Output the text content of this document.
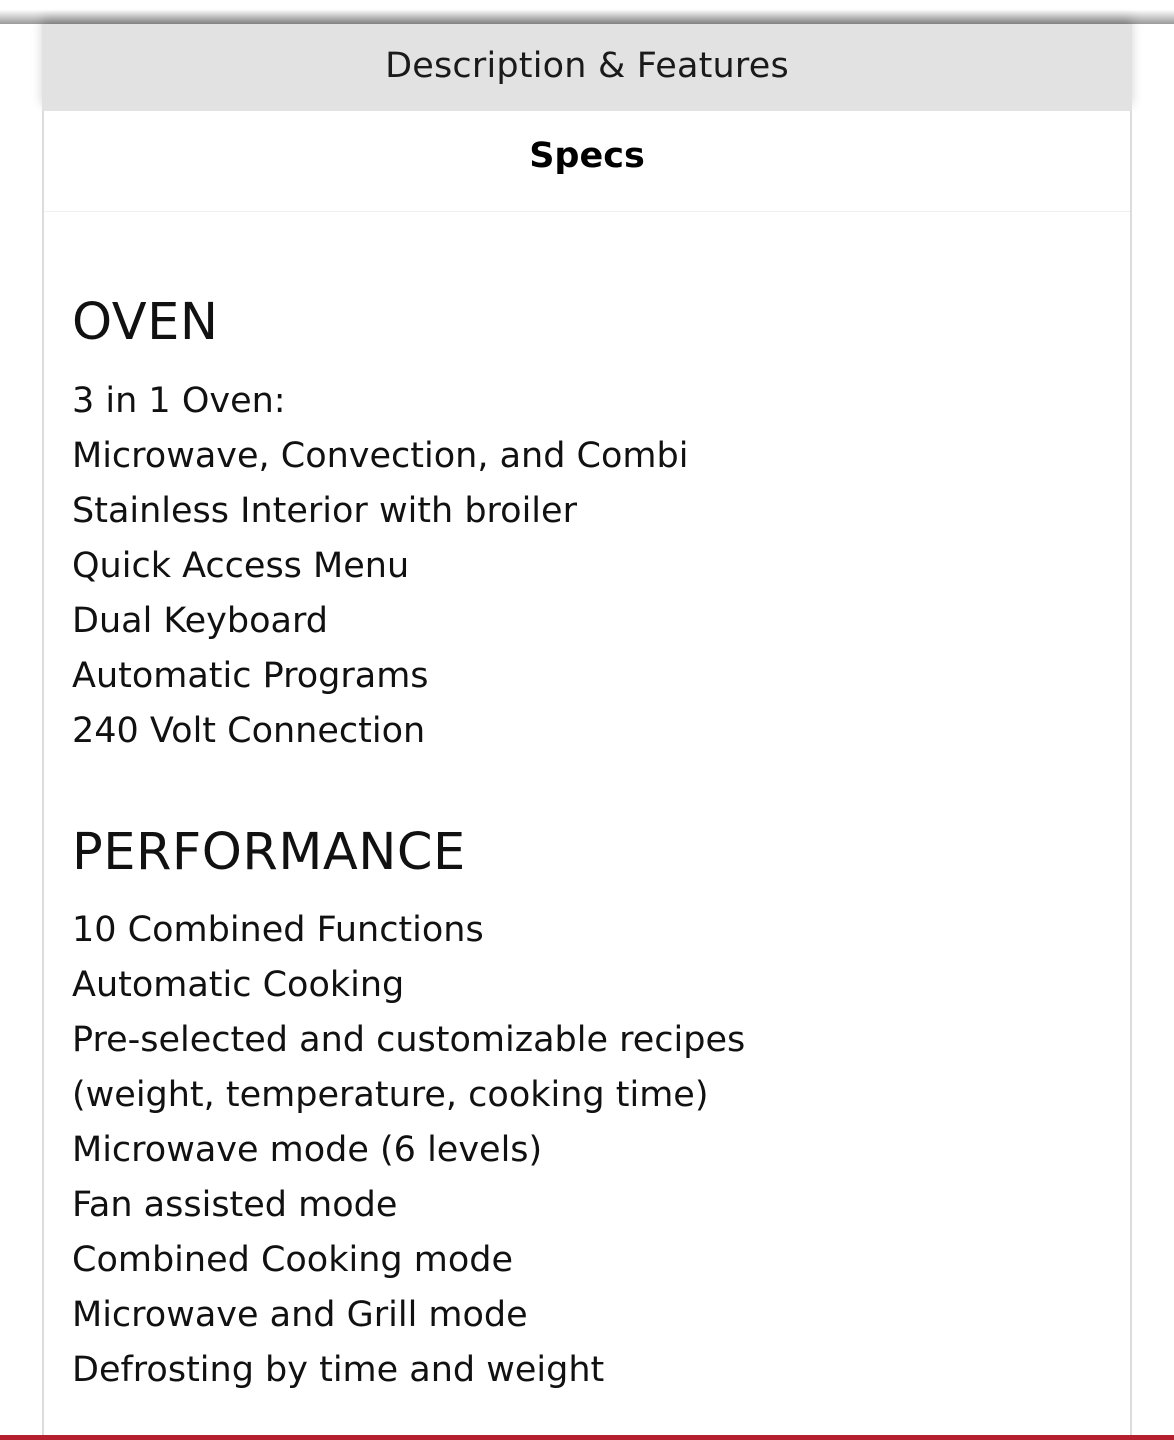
Description & Features
Specs
OVEN
3 in 1 Oven:
Microwave, Convection, and Combi
Stainless Interior with broiler
Quick Access Menu
Dual Keyboard
Automatic Programs
240 Volt Connection
PERFORMANCE
10 Combined Functions
Automatic Cooking
Pre-selected and customizable recipes
(weight, temperature, cooking time)
Microwave mode (6 levels)
Fan assisted mode
Combined Cooking mode
Microwave and Grill mode
Defrosting by time and weight
